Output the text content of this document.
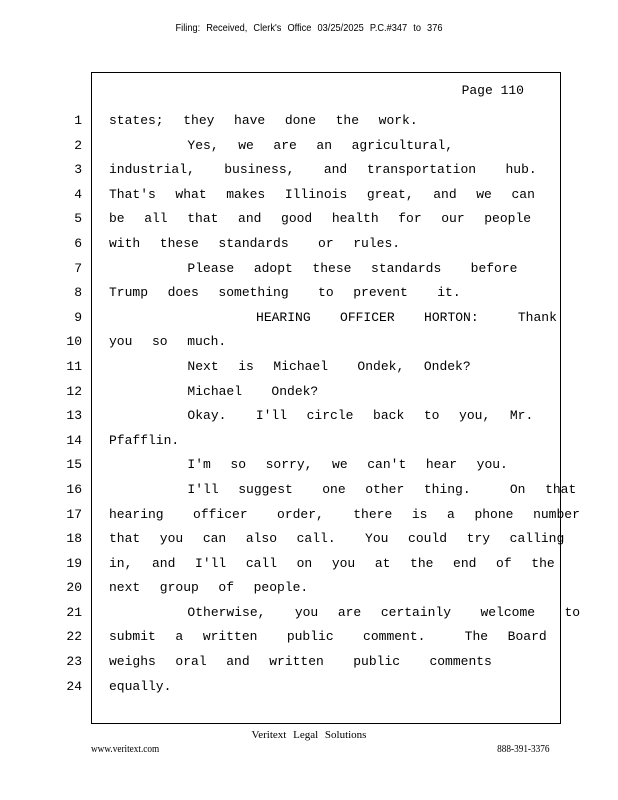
Filing: Received, Clerk's Office 03/25/2025 P.C.#347 to 376
Page 110
1
2
3
4
5
6
7
8
9
10
11
12
13
14
15
16
17
18
19
20
21
22
23
24
states;  they  have  done  the  work.
Yes,  we  are  an  agricultural,
industrial,   business,   and  transportation   hub.
That's  what  makes  Illinois  great,  and  we  can
be  all  that  and  good  health  for  our  people
with  these  standards   or  rules.
Please  adopt  these  standards   before
Trump  does  something   to  prevent   it.
HEARING   OFFICER   HORTON:    Thank
you  so  much.
Next  is  Michael   Ondek,  Ondek?
Michael   Ondek?
Okay.   I'll  circle  back  to  you,  Mr.
Pfafflin.
I'm  so  sorry,  we  can't  hear  you.
I'll  suggest   one  other  thing.    On  that
hearing   officer   order,   there  is  a  phone  number
that  you  can  also  call.   You  could  try  calling
in,  and  I'll  call  on  you  at  the  end  of  the
next  group  of  people.
Otherwise,   you  are  certainly   welcome   to
submit  a  written   public   comment.    The  Board
weighs  oral  and  written   public   comments
equally.
Veritext Legal Solutions
www.veritext.com	888-391-3376
